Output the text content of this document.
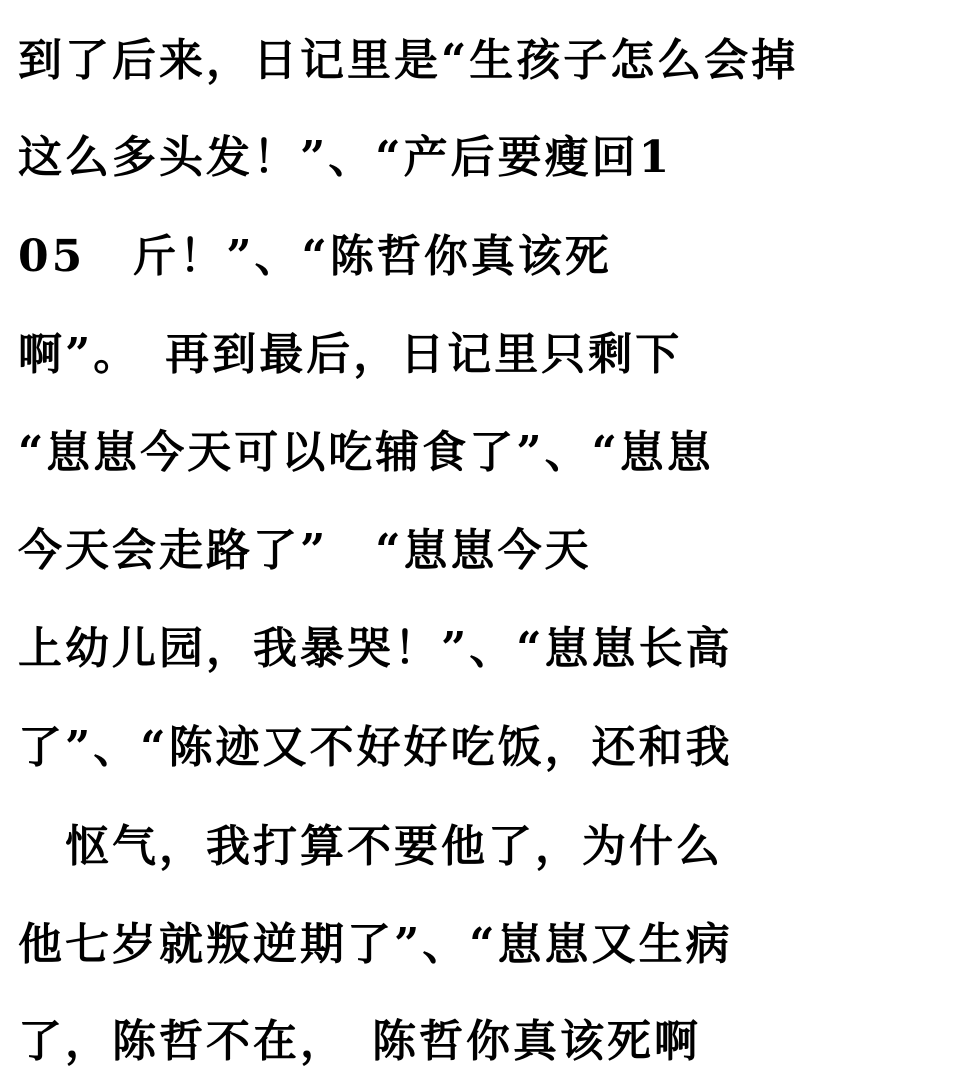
到了后来，日记里是“生孩子怎么会掉
这么多头发！”、“产后要瘦回1
05　斤！”、“陈哲你真该死
啊”。　再到最后，日记里只剩下
“崽崽今天可以吃辅食了”、“崽崽
今天会走路了”　“崽崽今天
上幼儿园，我暴哭！”、“崽崽长高
了”、“陈迹又不好好吃饭，还和我
　怄气，我打算不要他了，为什么
他七岁就叛逆期了”、“崽崽又生病
了，陈哲不在，　陈哲你真该死啊
